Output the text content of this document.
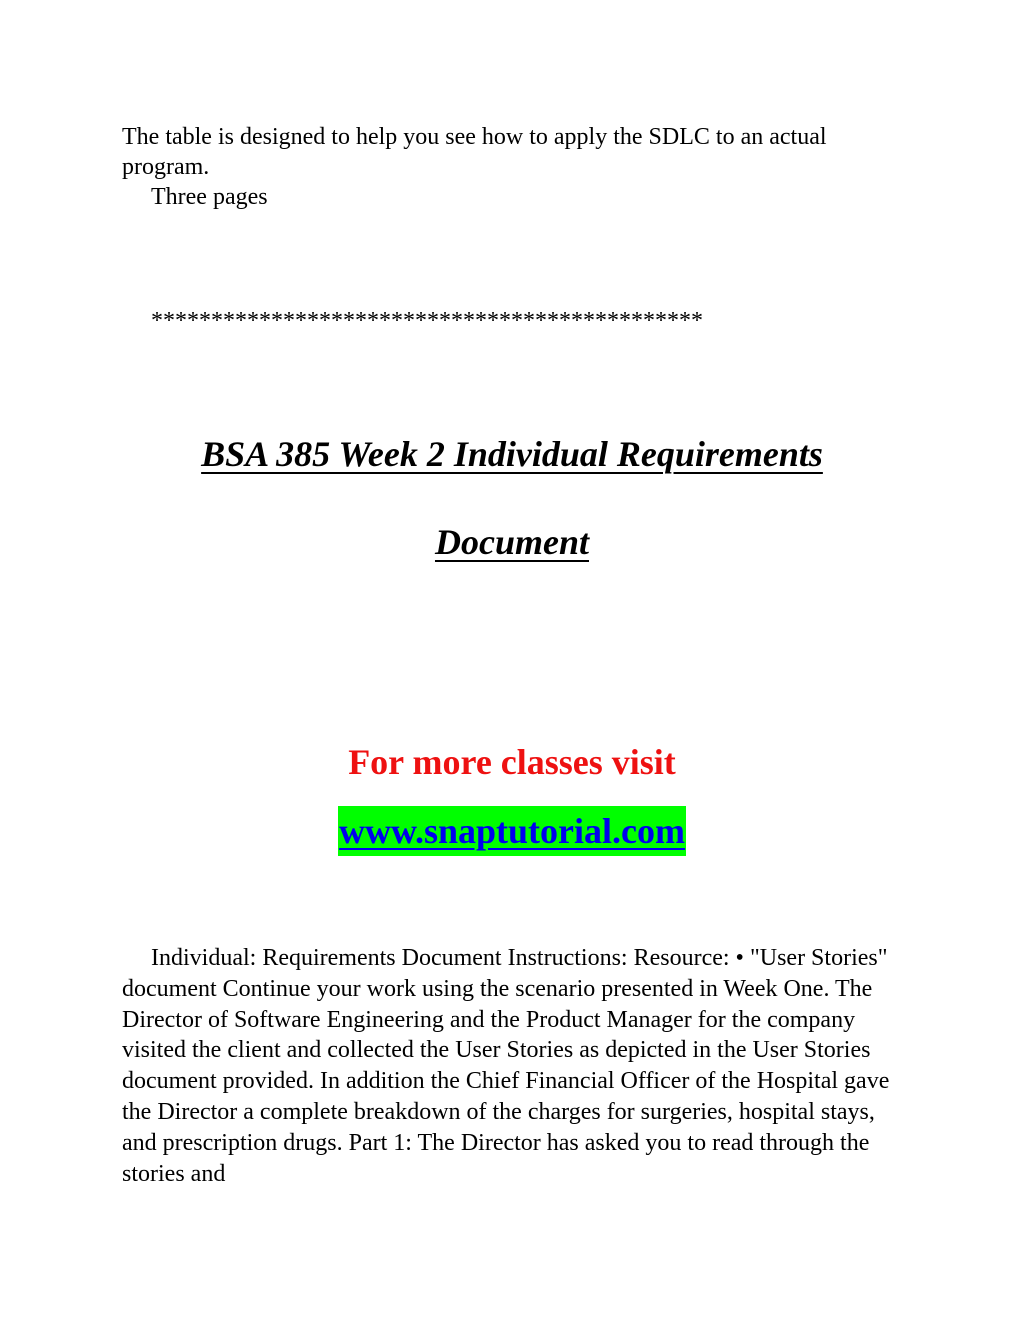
The table is designed to help you see how to apply the SDLC to an actual program.

Three pages

**********************************************
BSA 385 Week 2 Individual Requirements
Document
For more classes visit
www.snaptutorial.com

Individual: Requirements Document Instructions: Resource: • "User Stories" document Continue your work using the scenario presented in Week One. The Director of Software Engineering and the Product Manager for the company visited the client and collected the User Stories as depicted in the User Stories document provided. In addition the Chief Financial Officer of the Hospital gave the Director a complete breakdown of the charges for surgeries, hospital stays, and prescription drugs. Part 1: The Director has asked you to read through the stories and
